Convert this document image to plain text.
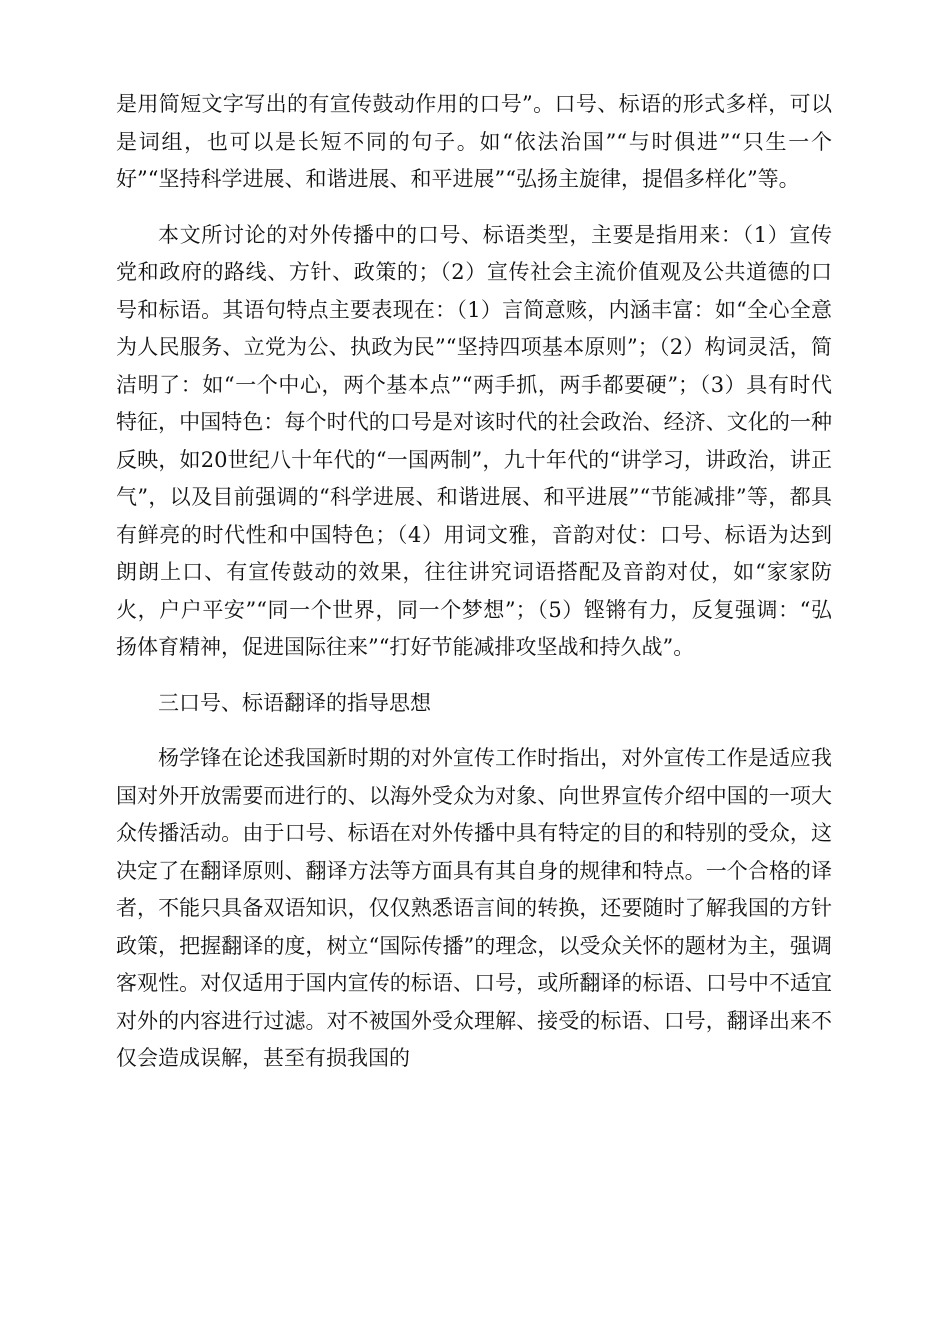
是用简短文字写出的有宣传鼓动作用的口号”。口号、标语的形式多样，可以是词组，也可以是长短不同的句子。如“依法治国”“与时俱进”“只生一个好”“坚持科学进展、和谐进展、和平进展”“弘扬主旋律，提倡多样化”等。

本文所讨论的对外传播中的口号、标语类型，主要是指用来：（1）宣传党和政府的路线、方针、政策的；（2）宣传社会主流价值观及公共道德的口号和标语。其语句特点主要表现在：（1）言简意赅，内涵丰富：如“全心全意为人民服务、立党为公、执政为民”“坚持四项基本原则”；（2）构词灵活，简洁明了：如“一个中心，两个基本点”“两手抓，两手都要硬”；（3）具有时代特征，中国特色：每个时代的口号是对该时代的社会政治、经济、文化的一种反映，如20世纪八十年代的“一国两制”，九十年代的“讲学习，讲政治，讲正气”，以及目前强调的“科学进展、和谐进展、和平进展”“节能减排”等，都具有鲜亮的时代性和中国特色；（4）用词文雅，音韵对仗：口号、标语为达到朗朗上口、有宣传鼓动的效果，往往讲究词语搭配及音韵对仗，如“家家防火，户户平安”“同一个世界，同一个梦想”；（5）铿锵有力，反复强调：“弘扬体育精神，促进国际往来”“打好节能减排攻坚战和持久战”。

三口号、标语翻译的指导思想

杨学锋在论述我国新时期的对外宣传工作时指出，对外宣传工作是适应我国对外开放需要而进行的、以海外受众为对象、向世界宣传介绍中国的一项大众传播活动。由于口号、标语在对外传播中具有特定的目的和特别的受众，这决定了在翻译原则、翻译方法等方面具有其自身的规律和特点。一个合格的译者，不能只具备双语知识，仅仅熟悉语言间的转换，还要随时了解我国的方针政策，把握翻译的度，树立“国际传播”的理念，以受众关怀的题材为主，强调客观性。对仅适用于国内宣传的标语、口号，或所翻译的标语、口号中不适宜对外的内容进行过滤。对不被国外受众理解、接受的标语、口号，翻译出来不仅会造成误解，甚至有损我国的
